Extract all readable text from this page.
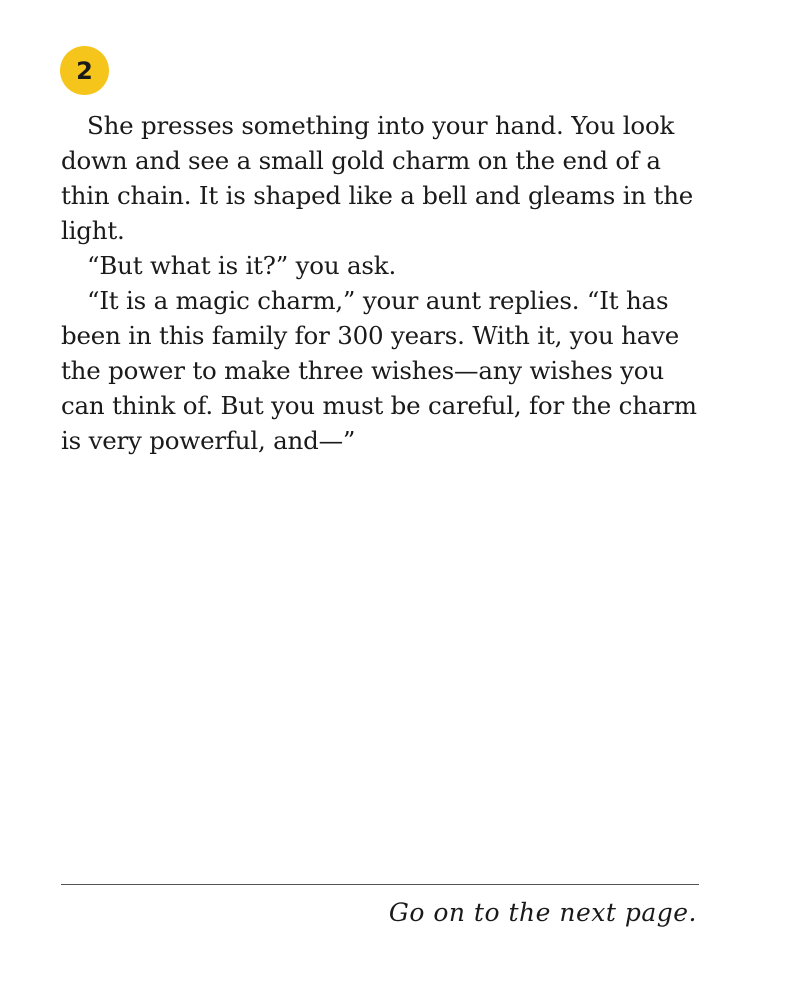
2

She presses something into your hand. You look down and see a small gold charm on the end of a thin chain. It is shaped like a bell and gleams in the light.

“But what is it?” you ask.

“It is a magic charm,” your aunt replies. “It has been in this family for 300 years. With it, you have the power to make three wishes—any wishes you can think of. But you must be careful, for the charm is very powerful, and—”

Go on to the next page.
